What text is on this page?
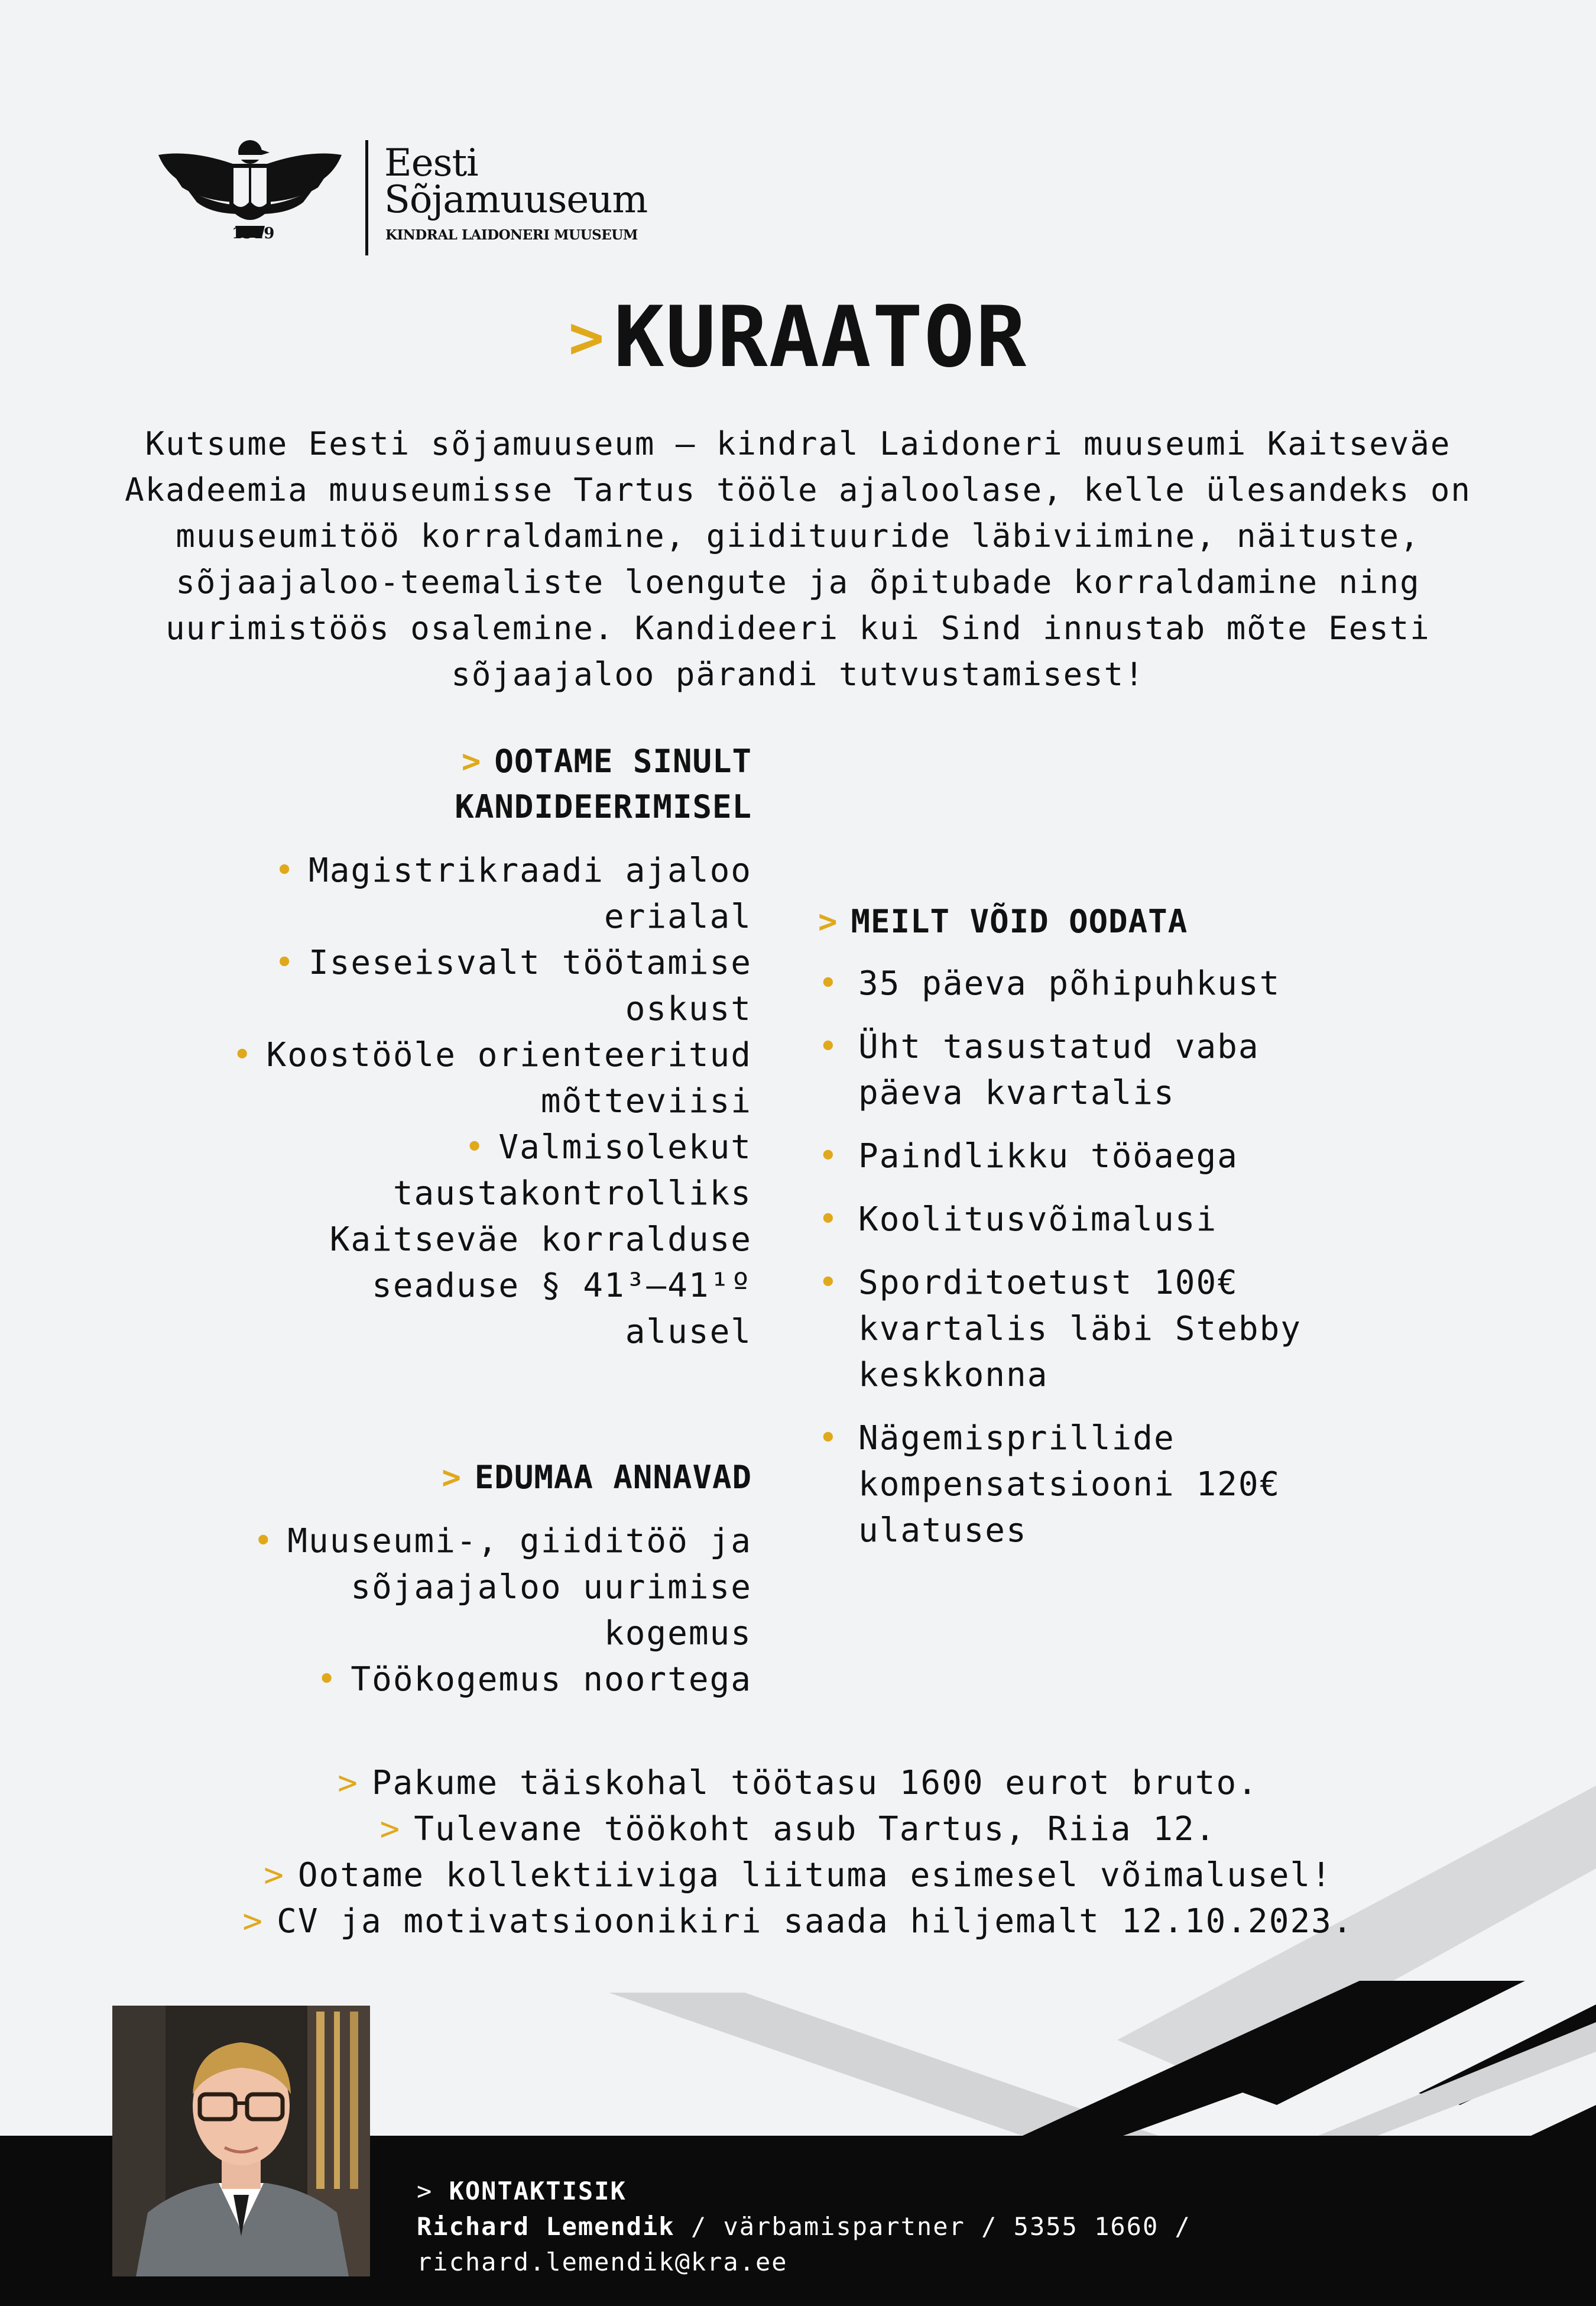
1919
Eesti
Sõjamuuseum
KINDRAL LAIDONERI MUUSEUM
>KURAATOR

Kutsume Eesti sõjamuuseum – kindral Laidoneri muuseumi Kaitseväe Akadeemia muuseumisse Tartus tööle ajaloolase, kelle ülesandeks on muuseumitöö korraldamine, giidituuride läbiviimine, näituste, sõjaajaloo-teemaliste loengute ja õpitubade korraldamine ning uurimistöös osalemine. Kandideeri kui Sind innustab mõte Eesti sõjaajaloo pärandi tutvustamisest!

> OOTAME SINULT

KANDIDEERIMISEL

• Magistrikraadi ajaloo
erialal
• Iseseisvalt töötamise
oskust
• Koostööle orienteeritud
mõtteviisi
• Valmisolekut
taustakontrolliks
Kaitseväe korralduse
seaduse § 41³–41¹º
alusel

> EDUMAA ANNAVAD

• Muuseumi-, giiditöö ja
sõjaajaloo uurimise
kogemus
• Töökogemus noortega

> MEILT VÕID OODATA

• 35 päeva põhipuhkust
• Üht tasustatud vaba
päeva kvartalis
• Paindlikku tööaega
• Koolitusvõimalusi
• Sporditoetust 100€
kvartalis läbi Stebby
keskkonna
• Nägemisprillide
kompensatsiooni 120€
ulatuses
> Pakume täiskohal töötasu 1600 eurot bruto.
> Tulevane töökoht asub Tartus, Riia 12.
> Ootame kollektiiviga liituma esimesel võimalusel!
> CV ja motivatsioonikiri saada hiljemalt 12.10.2023.
> KONTAKTISIK
Richard Lemendik / värbamispartner / 5355 1660 /
richard.lemendik@kra.ee
